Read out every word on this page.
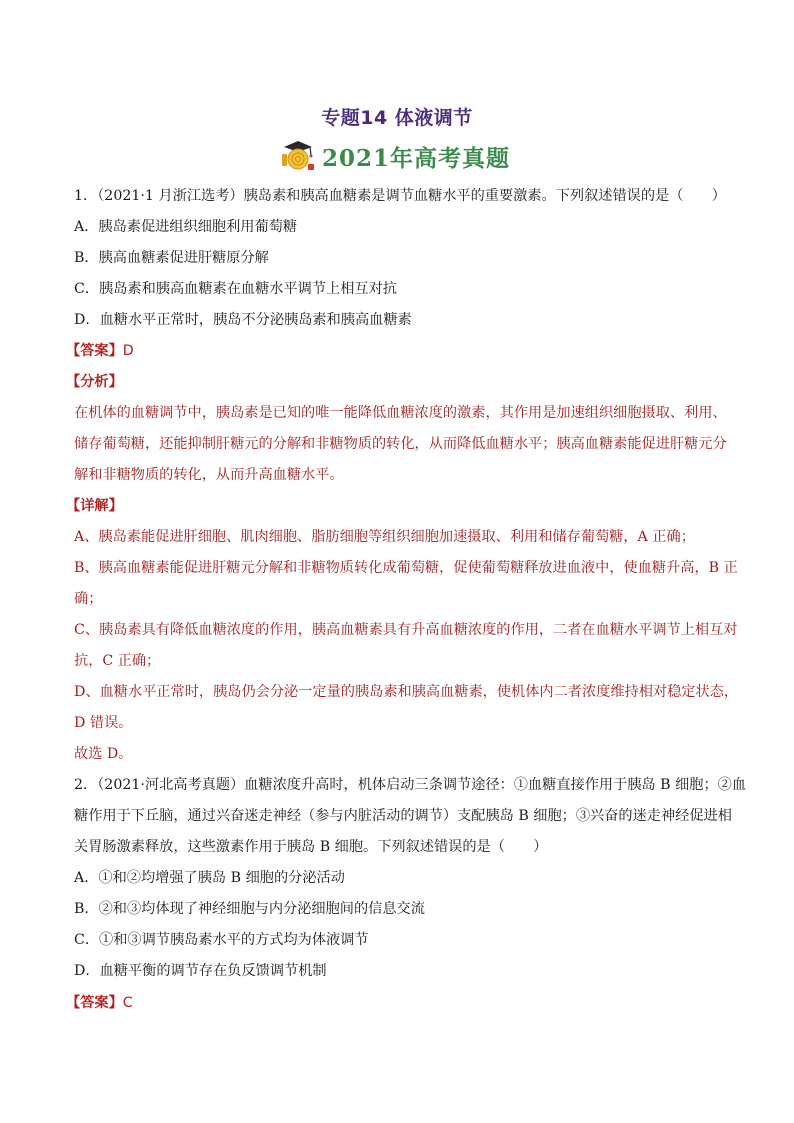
专题14 体液调节
2021年高考真题
1．（2021·1 月浙江选考）胰岛素和胰高血糖素是调节血糖水平的重要激素。下列叙述错误的是（　　）
A．胰岛素促进组织细胞利用葡萄糖
B．胰高血糖素促进肝糖原分解
C．胰岛素和胰高血糖素在血糖水平调节上相互对抗
D．血糖水平正常时，胰岛不分泌胰岛素和胰高血糖素
【答案】D
【分析】
在机体的血糖调节中，胰岛素是已知的唯一能降低血糖浓度的激素，其作用是加速组织细胞摄取、利用、
储存葡萄糖，还能抑制肝糖元的分解和非糖物质的转化，从而降低血糖水平；胰高血糖素能促进肝糖元分
解和非糖物质的转化，从而升高血糖水平。
【详解】
A、胰岛素能促进肝细胞、肌肉细胞、脂肪细胞等组织细胞加速摄取、利用和储存葡萄糖，A 正确；
B、胰高血糖素能促进肝糖元分解和非糖物质转化成葡萄糖，促使葡萄糖释放进血液中，使血糖升高，B 正
确；
C、胰岛素具有降低血糖浓度的作用，胰高血糖素具有升高血糖浓度的作用，二者在血糖水平调节上相互对
抗，C 正确；
D、血糖水平正常时，胰岛仍会分泌一定量的胰岛素和胰高血糖素，使机体内二者浓度维持相对稳定状态，
D 错误。
故选 D。
2．（2021·河北高考真题）血糖浓度升高时，机体启动三条调节途径：①血糖直接作用于胰岛 B 细胞；②血
糖作用于下丘脑，通过兴奋迷走神经（参与内脏活动的调节）支配胰岛 B 细胞；③兴奋的迷走神经促进相
关胃肠激素释放，这些激素作用于胰岛 B 细胞。下列叙述错误的是（　　）
A．①和②均增强了胰岛 B 细胞的分泌活动
B．②和③均体现了神经细胞与内分泌细胞间的信息交流
C．①和③调节胰岛素水平的方式均为体液调节
D．血糖平衡的调节存在负反馈调节机制
【答案】C
